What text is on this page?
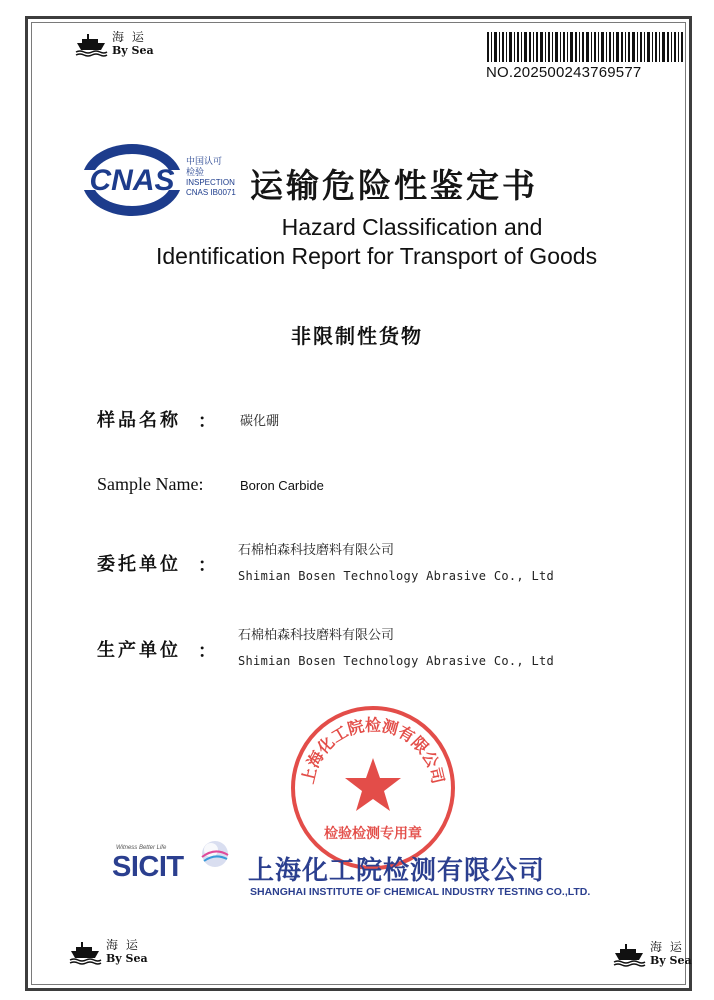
海 运
By Sea
NO.202500243769577
CNAS
中国认可
检验
INSPECTION
CNAS IB0071 运输危险性鉴定书
Hazard Classification and
Identification Report for Transport of Goods
非限制性货物
样品名称 ： 碳化硼
Sample Name:	Boron Carbide
委托单位 ：
石棉柏森科技磨料有限公司
Shimian Bosen Technology Abrasive Co., Ltd
生产单位 ：
石棉柏森科技磨料有限公司
Shimian Bosen Technology Abrasive Co., Ltd
上海化工院检测有限公司
检验检测专用章
Witness Better Life
SICIT 上海化工院检测有限公司
SHANGHAI INSTITUTE OF CHEMICAL INDUSTRY TESTING CO.,LTD.
海 运
By Sea
海 运
By Sea
